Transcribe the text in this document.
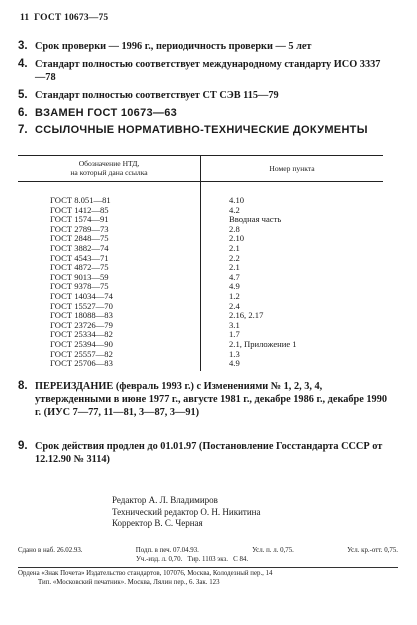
11 ГОСТ 10673—75
3. Срок проверки — 1996 г., периодичность проверки — 5 лет
4. Стандарт полностью соответствует международному стандарту ИСО 3337—78
5. Стандарт полностью соответствует СТ СЭВ 115—79
6. ВЗАМЕН ГОСТ 10673—63
7. ССЫЛОЧНЫЕ НОРМАТИВНО-ТЕХНИЧЕСКИЕ ДОКУМЕНТЫ
Обозначение НТД,
на который дана ссылка	Номер пункта

ГОСТ 8.051—81	4.10
ГОСТ 1412—85	4.2
ГОСТ 1574—91	Вводная часть
ГОСТ 2789—73	2.8
ГОСТ 2848—75	2.10
ГОСТ 3882—74	2.1
ГОСТ 4543—71	2.2
ГОСТ 4872—75	2.1
ГОСТ 9013—59	4.7
ГОСТ 9378—75	4.9
ГОСТ 14034—74	1.2
ГОСТ 15527—70	2.4
ГОСТ 18088—83	2.16, 2.17
ГОСТ 23726—79	3.1
ГОСТ 25334—82	1.7
ГОСТ 25394—90	2.1, Приложение 1
ГОСТ 25557—82	1.3
ГОСТ 25706—83	4.9
8. ПЕРЕИЗДАНИЕ (февраль 1993 г.) с Изменениями № 1, 2, 3, 4, утвержденными в июне 1977 г., августе 1981 г., декабре 1986 г., декабре 1990 г. (ИУС 7—77, 11—81, 3—87, 3—91)
9. Срок действия продлен до 01.01.97 (Постановление Госстандарта СССР от 12.12.90 № 3114)
Редактор А. Л. Владимиров
Технический редактор О. Н. Никитина
Корректор В. С. Черная
Сдано в наб. 26.02.93.	Подп. в печ. 07.04.93.	Усл. п. л. 0,75.	Усл. кр.-отт. 0,75.
Уч.-изд. л. 0,70.
Тир. 1103 экз.
С 84.
Ордена «Знак Почета» Издательство стандартов, 107076, Москва, Колодезный пер., 14
Тип. «Московский печатник». Москва, Лялин пер., 6. Зак. 123
